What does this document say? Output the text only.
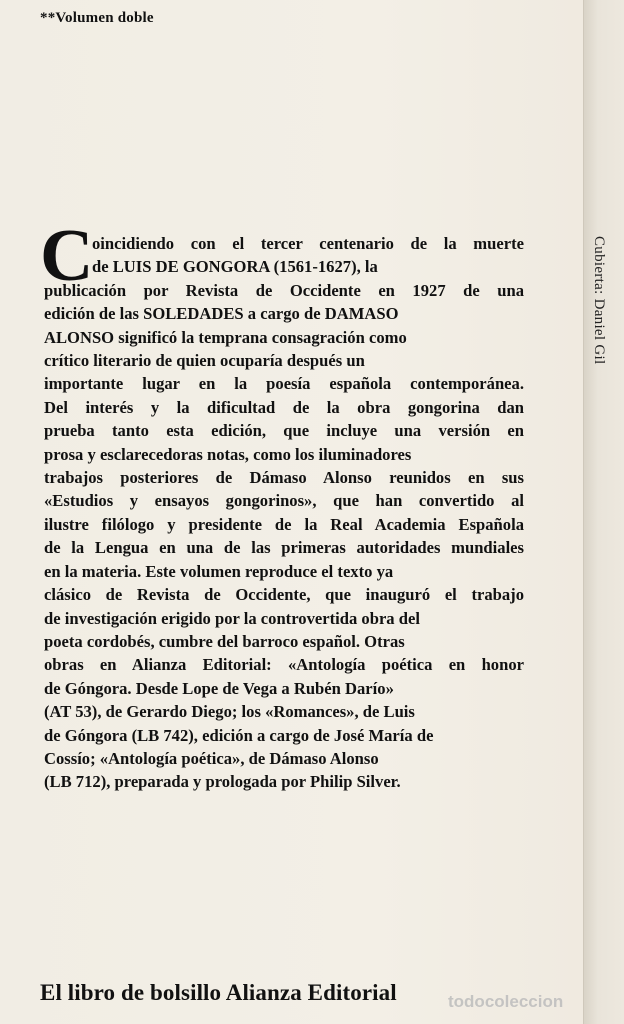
**Volumen doble
C

oincidiendo con el tercer centenario de la muerte
de LUIS DE GONGORA (1561-1627), la
publicación por Revista de Occidente en 1927 de una
edición de las SOLEDADES a cargo de DAMASO
ALONSO significó la temprana consagración como
crítico literario de quien ocuparía después un
importante lugar en la poesía española contemporánea.
Del interés y la dificultad de la obra gongorina dan
prueba tanto esta edición, que incluye una versión en
prosa y esclarecedoras notas, como los iluminadores
trabajos posteriores de Dámaso Alonso reunidos en sus
«Estudios y ensayos gongorinos», que han convertido al
ilustre filólogo y presidente de la Real Academia Española
de la Lengua en una de las primeras autoridades mundiales
en la materia. Este volumen reproduce el texto ya
clásico de Revista de Occidente, que inauguró el trabajo
de investigación erigido por la controvertida obra del
poeta cordobés, cumbre del barroco español. Otras
obras en Alianza Editorial: «Antología poética en honor
de Góngora. Desde Lope de Vega a Rubén Darío»
(AT 53), de Gerardo Diego; los «Romances», de Luis
de Góngora (LB 742), edición a cargo de José María de
Cossío; «Antología poética», de Dámaso Alonso
(LB 712), preparada y prologada por Philip Silver.

Cubierta: Daniel Gil
El libro de bolsillo Alianza Editorial	todocoleccion
